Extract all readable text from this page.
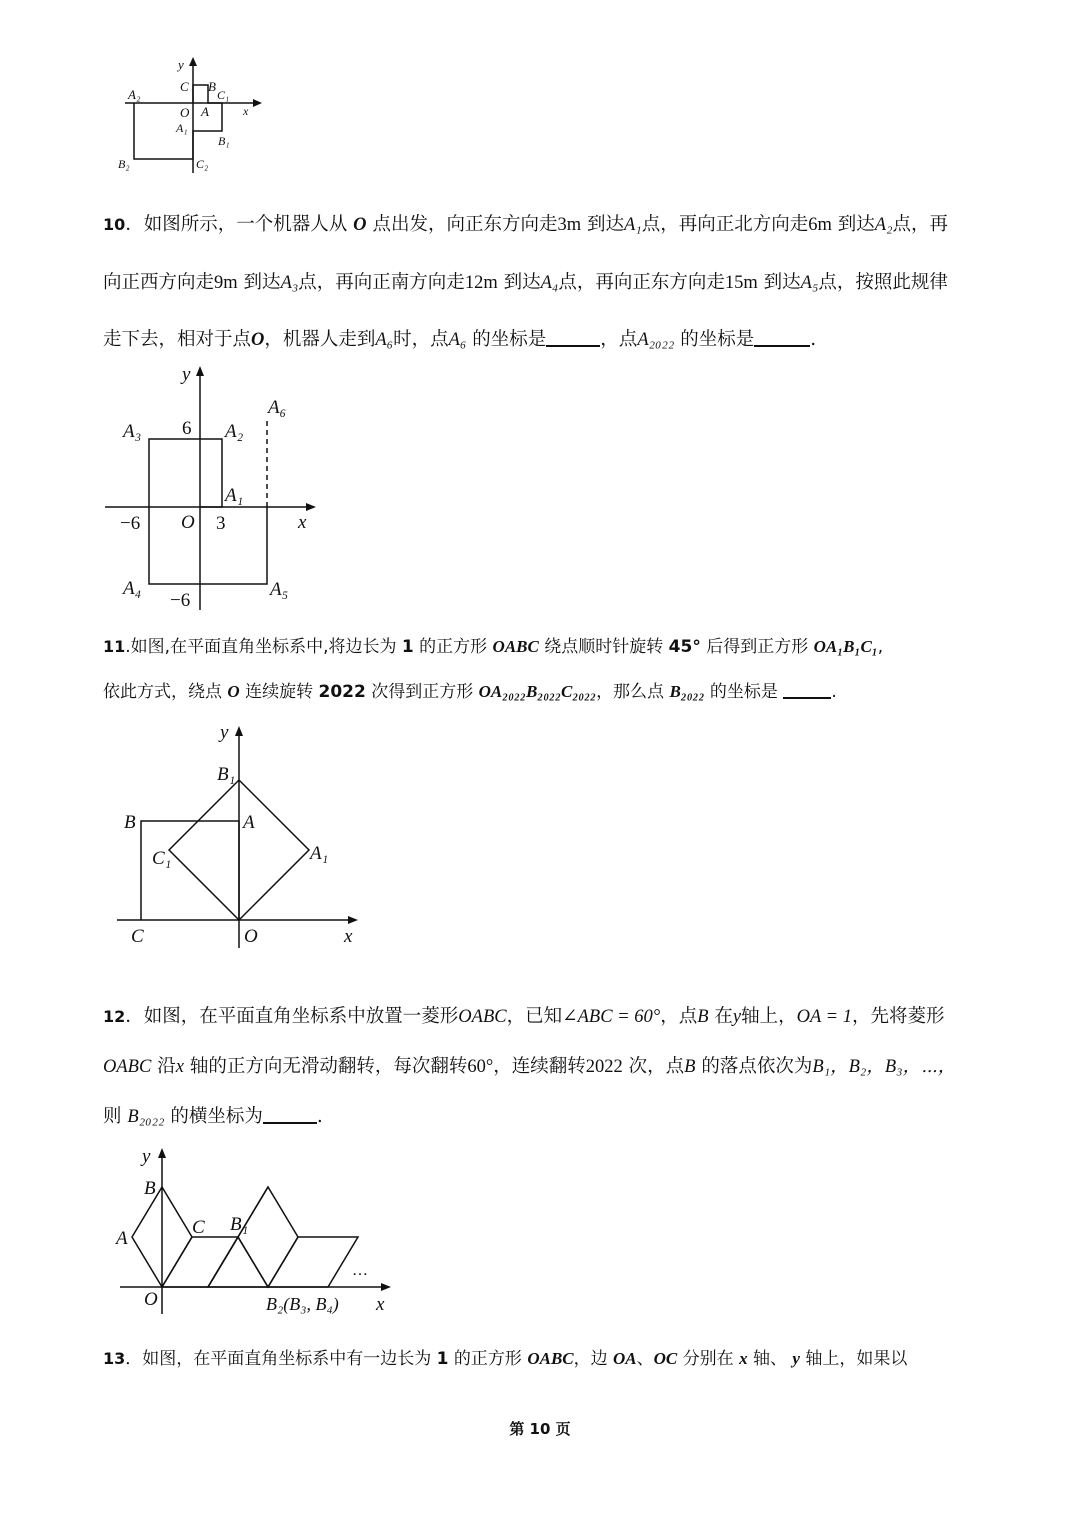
y
x
A₂
C B
C₁
O A
A₁
B₁
B₂	C₂
10．如图所示，一个机器人从 O 点出发，向正东方向走3m 到达A₁点，再向正北方向走6m 到达A₂点，再
向正西方向走9m 到达A₃点，再向正南方向走12m 到达A₄点，再向正东方向走15m 到达A₅点，按照此规律
走下去，相对于点O，机器人走到A₆时，点A₆ 的坐标是	，点A₂₀₂₂ 的坐标是	.
y
x
A₆
A₃ 6 A₂
A₁
−6 O 3
A₄
−6
A₅
11.如图,在平面直角坐标系中,将边长为 1 的正方形 OABC 绕点顺时针旋转 45° 后得到正方形 OA₁B₁C₁,
依此方式，绕点 O 连续旋转 2022 次得到正方形 OA₂₀₂₂B₂₀₂₂C₂₀₂₂，那么点 B₂₀₂₂ 的坐标是	.
y
x
B₁
B	A
C₁	A₁
C	O
12．如图，在平面直角坐标系中放置一菱形OABC，已知∠ABC = 60°，点B 在y轴上，OA = 1，先将菱形
OABC 沿x 轴的正方向无滑动翻转，每次翻转60°，连续翻转2022 次，点B 的落点依次为B₁，B₂，B₃，⋯，
则 B₂₀₂₂ 的横坐标为	.
y
x
B
A
C B₁
O	B₂(B₃, B₄)
…
13．如图，在平面直角坐标系中有一边长为 1 的正方形 OABC，边 OA、OC 分别在 x 轴、 y 轴上，如果以
第 10 页
